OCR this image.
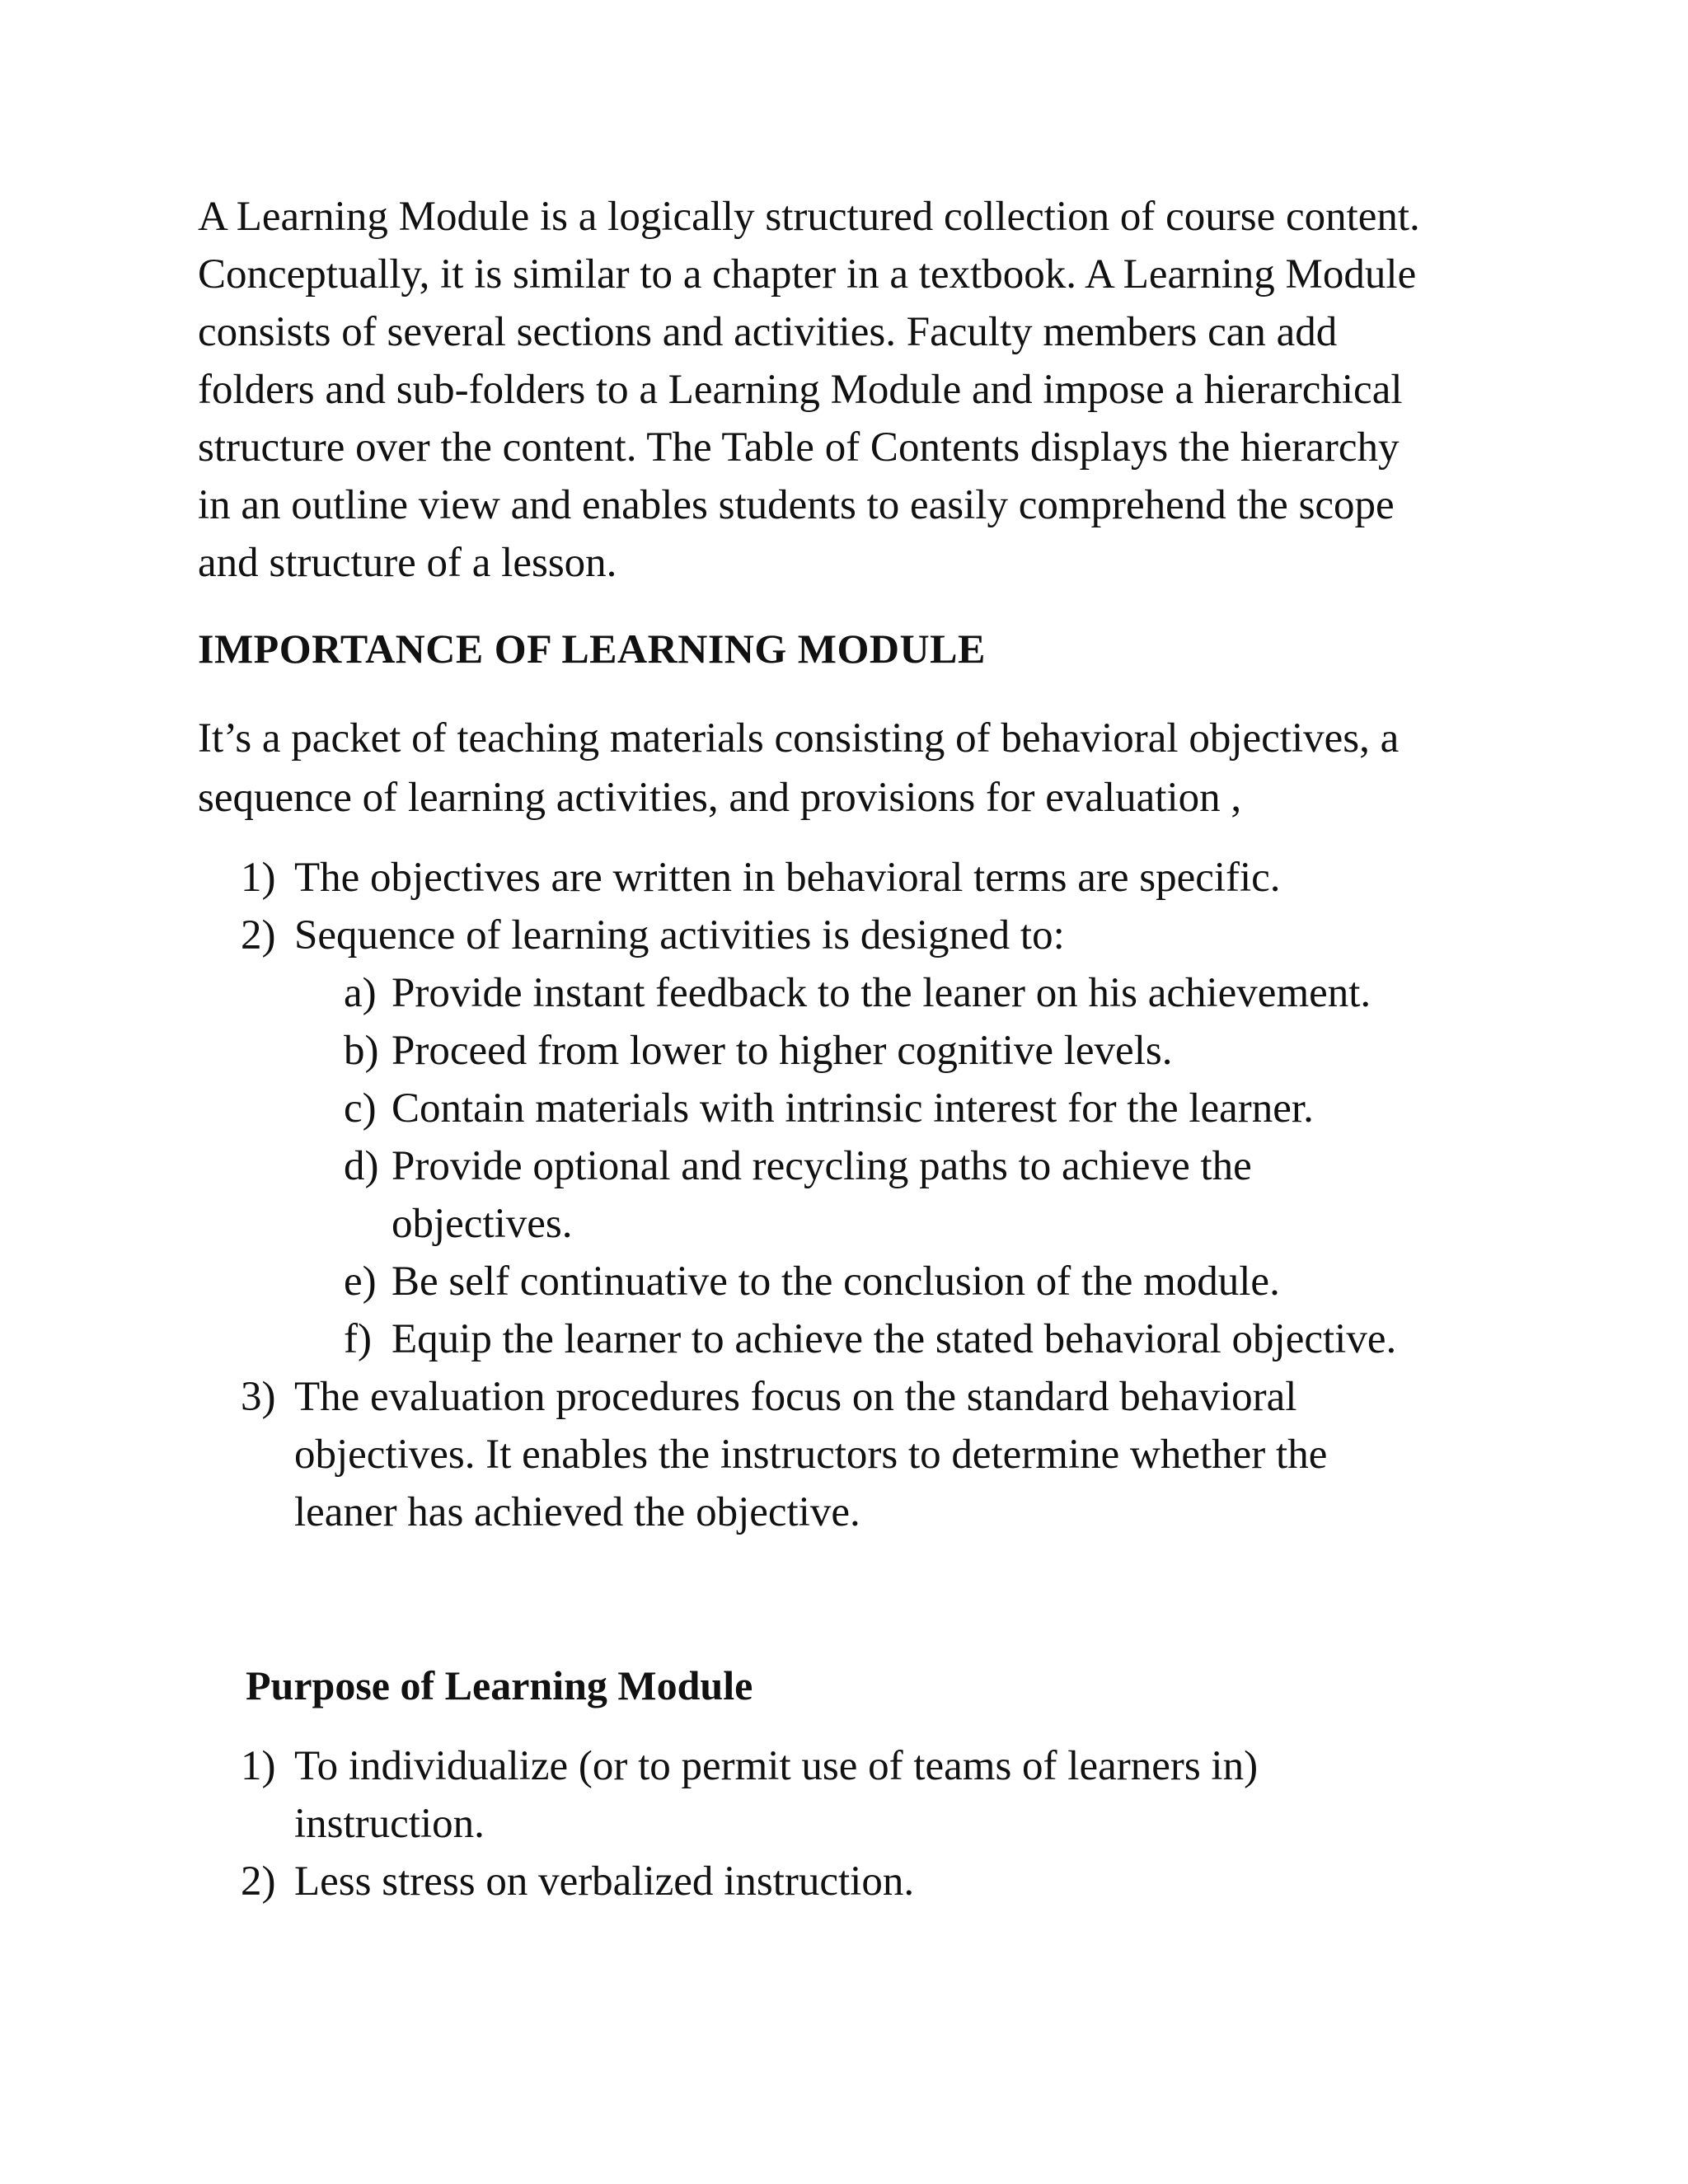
A Learning Module is a logically structured collection of course content.
Conceptually, it is similar to a chapter in a textbook. A Learning Module
consists of several sections and activities. Faculty members can add
folders and sub-folders to a Learning Module and impose a hierarchical
structure over the content. The Table of Contents displays the hierarchy
in an outline view and enables students to easily comprehend the scope
and structure of a lesson.

IMPORTANCE OF LEARNING MODULE

It’s a packet of teaching materials consisting of behavioral objectives, a
sequence of learning activities, and provisions for evaluation ,

1) The objectives are written in behavioral terms are specific.
2) Sequence of learning activities is designed to:
a) Provide instant feedback to the leaner on his achievement.
b) Proceed from lower to higher cognitive levels.
c) Contain materials with intrinsic interest for the learner.
d) Provide optional and recycling paths to achieve the
objectives.
e) Be self continuative to the conclusion of the module.
f) Equip the learner to achieve the stated behavioral objective.
3) The evaluation procedures focus on the standard behavioral
objectives. It enables the instructors to determine whether the
leaner has achieved the objective.
Purpose of Learning Module
1) To individualize (or to permit use of teams of learners in)
instruction.
2) Less stress on verbalized instruction.
